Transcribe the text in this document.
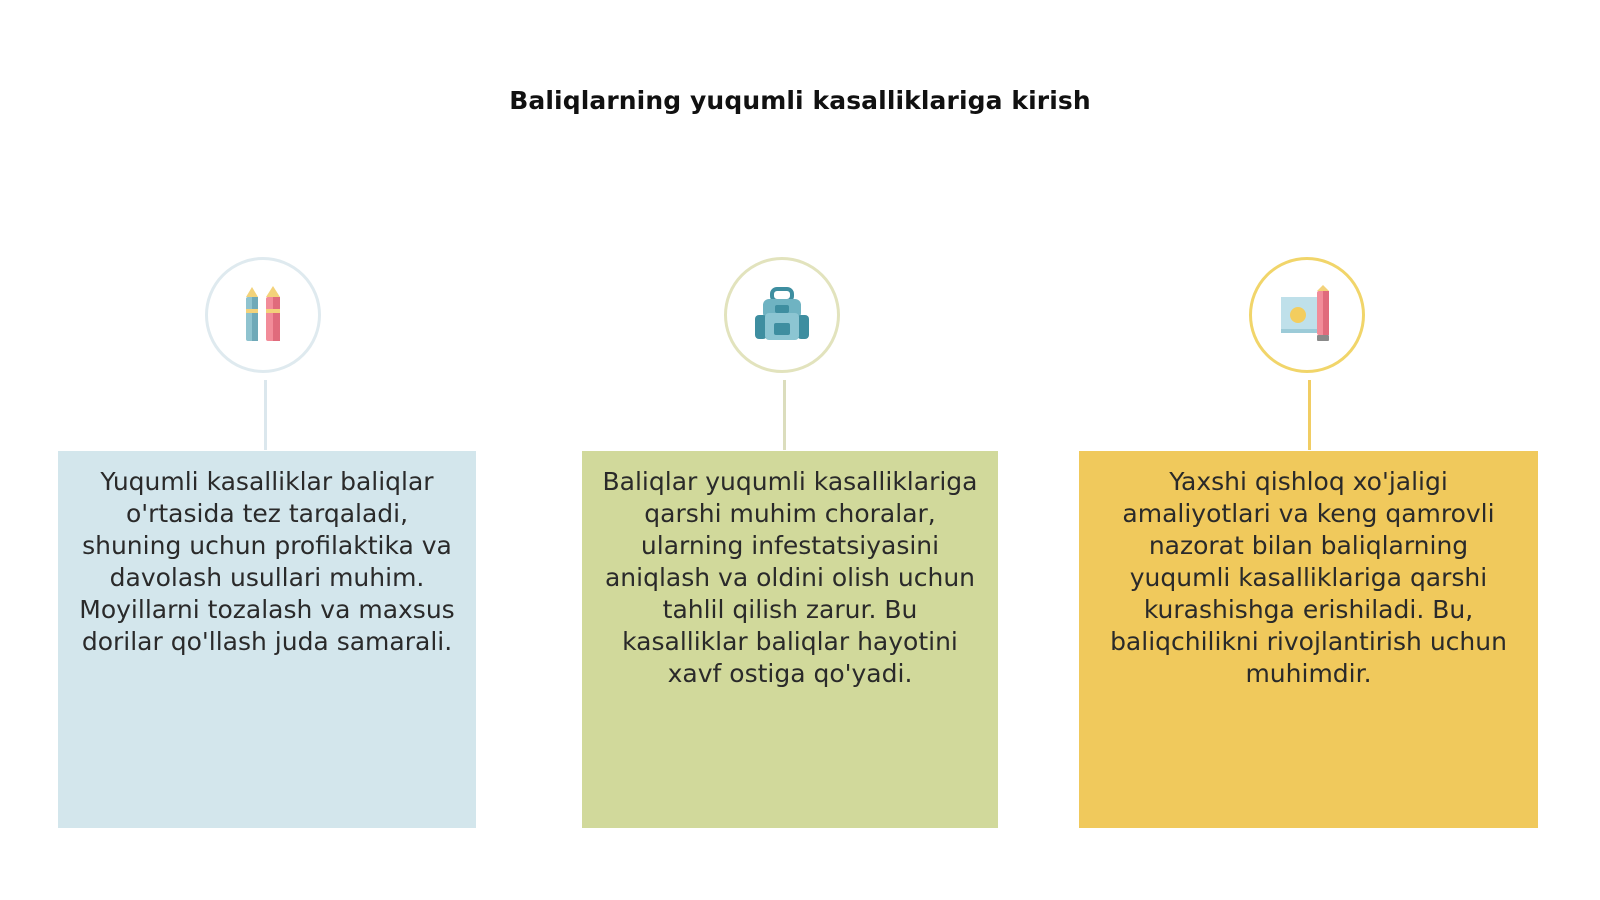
Baliqlarning yuqumli kasalliklariga kirish
Yuqumli kasalliklar baliqlar o'rtasida tez tarqaladi, shuning uchun profilaktika va davolash usullari muhim. Moyillarni tozalash va maxsus dorilar qo'llash juda samarali.
Baliqlar yuqumli kasalliklariga qarshi muhim choralar, ularning infestatsiyasini aniqlash va oldini olish uchun tahlil qilish zarur. Bu kasalliklar baliqlar hayotini xavf ostiga qo'yadi.
Yaxshi qishloq xo'jaligi amaliyotlari va keng qamrovli nazorat bilan baliqlarning yuqumli kasalliklariga qarshi kurashishga erishiladi. Bu, baliqchilikni rivojlantirish uchun muhimdir.
